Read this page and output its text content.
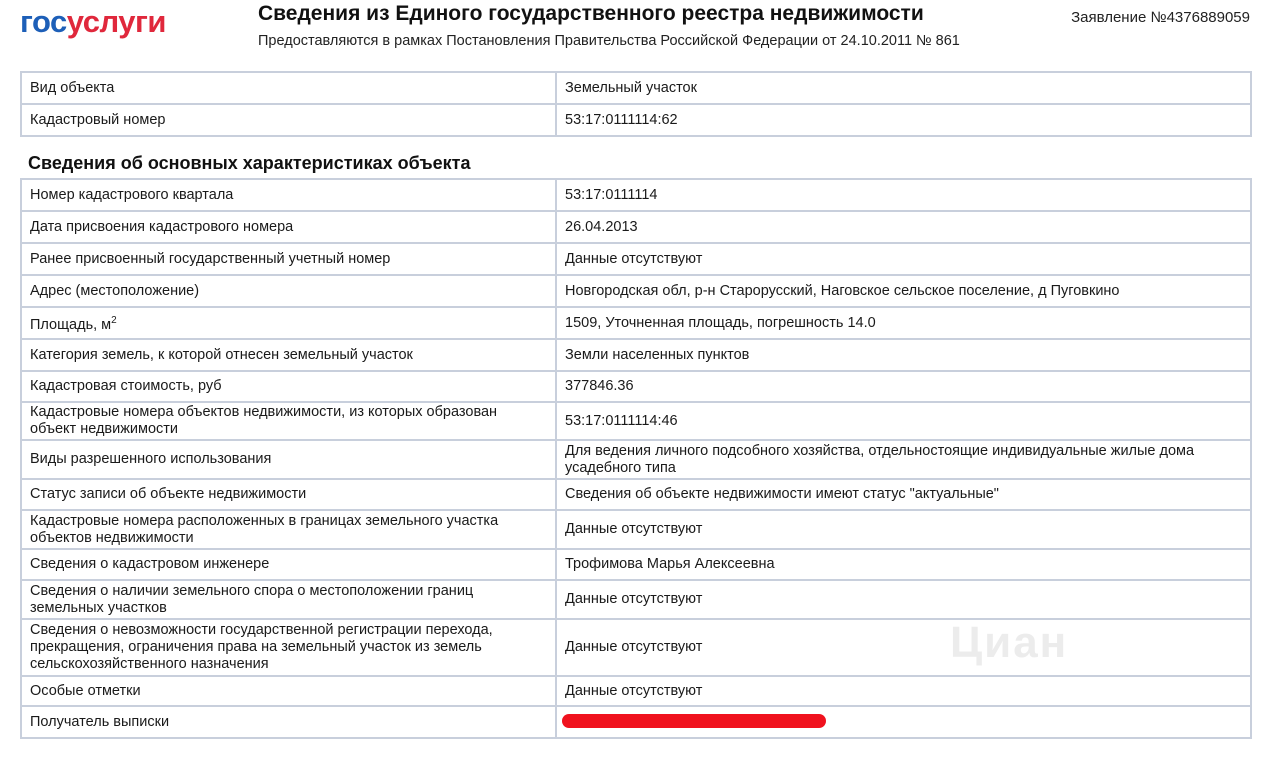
госуслуги	Сведения из Единого государственного реестра недвижимости
Предоставляются в рамках Постановления Правительства Российской Федерации от 24.10.2011 № 861
Заявление №4376889059
Вид объекта	Земельный участок
Кадастровый номер	53:17:0111114:62
Сведения об основных характеристиках объекта
Номер кадастрового квартала	53:17:0111114
Дата присвоения кадастрового номера	26.04.2013
Ранее присвоенный государственный учетный номер	Данные отсутствуют
Адрес (местоположение)	Новгородская обл, р-н Старорусский, Наговское сельское поселение, д Пуговкино
Площадь, $м^2$	1509, Уточненная площадь, погрешность 14.0
Категория земель, к которой отнесен земельный участок	Земли населенных пунктов
Кадастровая стоимость, руб	377846.36
Кадастровые номера объектов недвижимости, из которых образован объект недвижимости	53:17:0111114:46
Виды разрешенного использования	Для ведения личного подсобного хозяйства, отдельностоящие индивидуальные жилые дома усадебного типа
Статус записи об объекте недвижимости	Сведения об объекте недвижимости имеют статус "актуальные"
Кадастровые номера расположенных в границах земельного участка объектов недвижимости	Данные отсутствуют
Сведения о кадастровом инженере	Трофимова Марья Алексеевна
Сведения о наличии земельного спора о местоположении границ земельных участков	Данные отсутствуют
Сведения о невозможности государственной регистрации перехода, прекращения, ограничения права на земельный участок из земель сельскохозяйственного назначения	Данные отсутствуют
Особые отметки	Данные отсутствуют
Получатель выписки	
Циан
